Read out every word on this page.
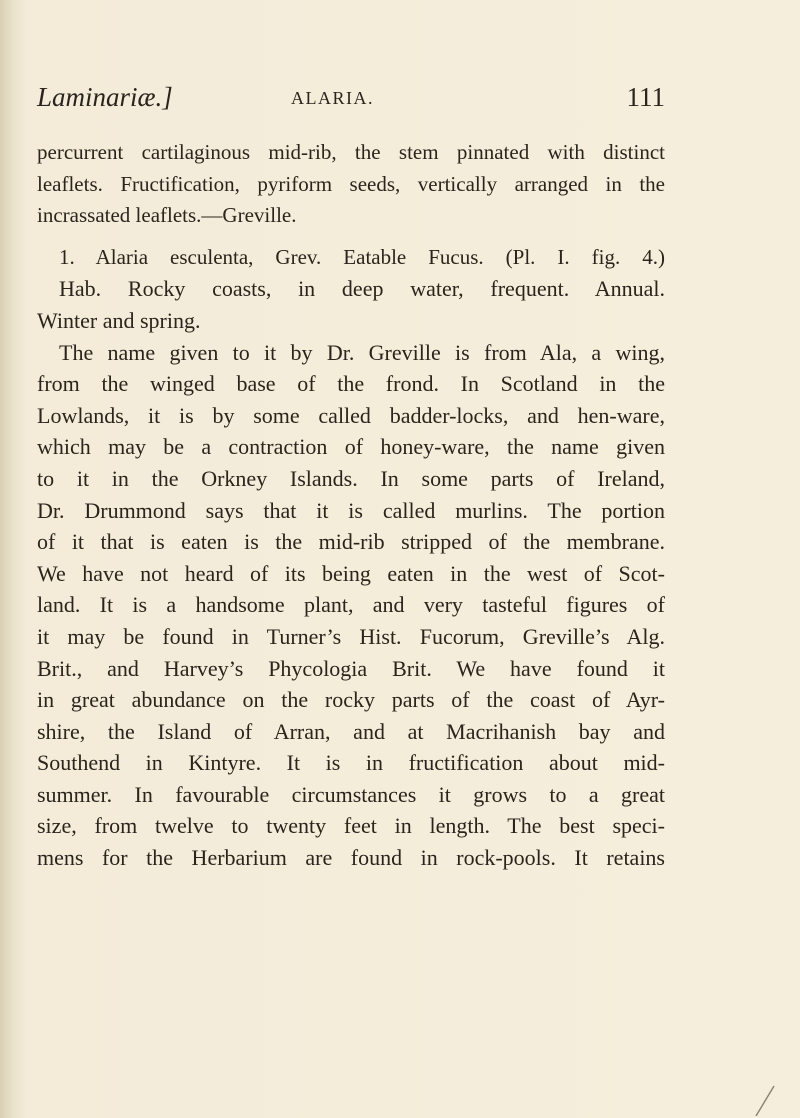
Laminariæ.]	ALARIA.	111
percurrent cartilaginous mid-rib, the stem pinnated with distinct
leaflets. Fructification, pyriform seeds, vertically arranged in the
incrassated leaflets.—Greville.
1. Alaria esculenta, Grev. Eatable Fucus. (Pl. I. fig. 4.)
Hab. Rocky coasts, in deep water, frequent. Annual.
Winter and spring.
The name given to it by Dr. Greville is from Ala, a wing,
from the winged base of the frond. In Scotland in the
Lowlands, it is by some called badder-locks, and hen-ware,
which may be a contraction of honey-ware, the name given
to it in the Orkney Islands. In some parts of Ireland,
Dr. Drummond says that it is called murlins. The portion
of it that is eaten is the mid-rib stripped of the membrane.
We have not heard of its being eaten in the west of Scot-
land. It is a handsome plant, and very tasteful figures of
it may be found in Turner’s Hist. Fucorum, Greville’s Alg.
Brit., and Harvey’s Phycologia Brit. We have found it
in great abundance on the rocky parts of the coast of Ayr-
shire, the Island of Arran, and at Macrihanish bay and
Southend in Kintyre. It is in fructification about mid-
summer. In favourable circumstances it grows to a great
size, from twelve to twenty feet in length. The best speci-
mens for the Herbarium are found in rock-pools. It retains
